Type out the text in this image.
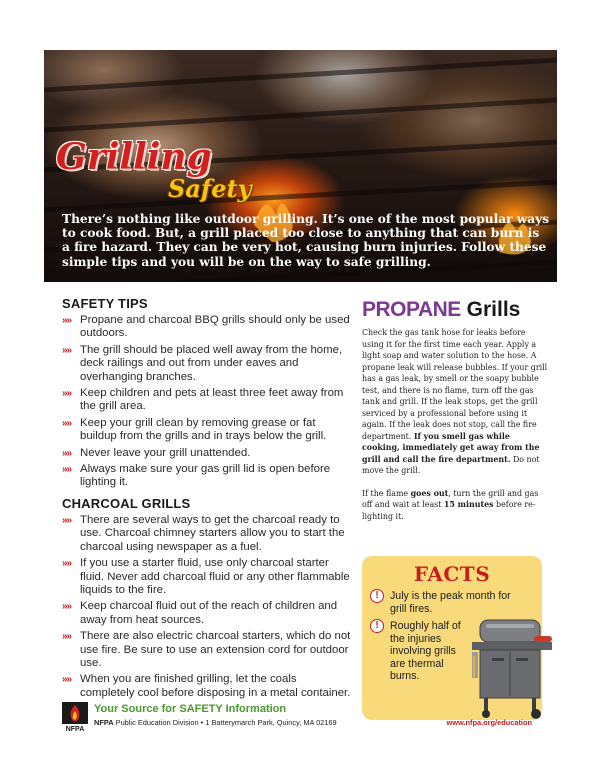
Grilling
Safety
There’s nothing like outdoor grilling. It’s one of the most popular ways to cook food. But, a grill placed too close to anything that can burn is a fire hazard. They can be very hot, causing burn injuries. Follow these simple tips and you will be on the way to safe grilling.
SAFETY TIPS
»» Propane and charcoal BBQ grills should only be used outdoors.
»» The grill should be placed well away from the home, deck railings and out from under eaves and overhanging branches.
»» Keep children and pets at least three feet away from the grill area.
»» Keep your grill clean by removing grease or fat buildup from the grills and in trays below the grill.
»» Never leave your grill unattended.
»» Always make sure your gas grill lid is open before lighting it.
CHARCOAL GRILLS
»» There are several ways to get the charcoal ready to use. Charcoal chimney starters allow you to start the charcoal using newspaper as a fuel.
»» If you use a starter fluid, use only charcoal starter fluid. Never add charcoal fluid or any other flammable liquids to the fire.
»» Keep charcoal fluid out of the reach of children and away from heat sources.
»» There are also electric charcoal starters, which do not use fire. Be sure to use an extension cord for outdoor use.
»» When you are finished grilling, let the coals completely cool before disposing in a metal container.
PROPANE Grills

Check the gas tank hose for leaks before using it for the first time each year. Apply a light soap and water solution to the hose. A propane leak will release bubbles. If your grill has a gas leak, by smell or the soapy bubble test, and there is no flame, turn off the gas tank and grill. If the leak stops, get the grill serviced by a professional before using it again. If the leak does not stop, call the fire department. If you smell gas while cooking, immediately get away from the grill and call the fire department. Do not move the grill.

If the flame goes out, turn the grill and gas off and wait at least 15 minutes before re-lighting it.

FACTS
!	July is the peak month for grill fires.
!	Roughly half of the injuries involving grills are thermal burns.
NFPA
Your Source for SAFETY Information
NFPA Public Education Division • 1 Batterymarch Park, Quincy, MA 02169	www.nfpa.org/education
